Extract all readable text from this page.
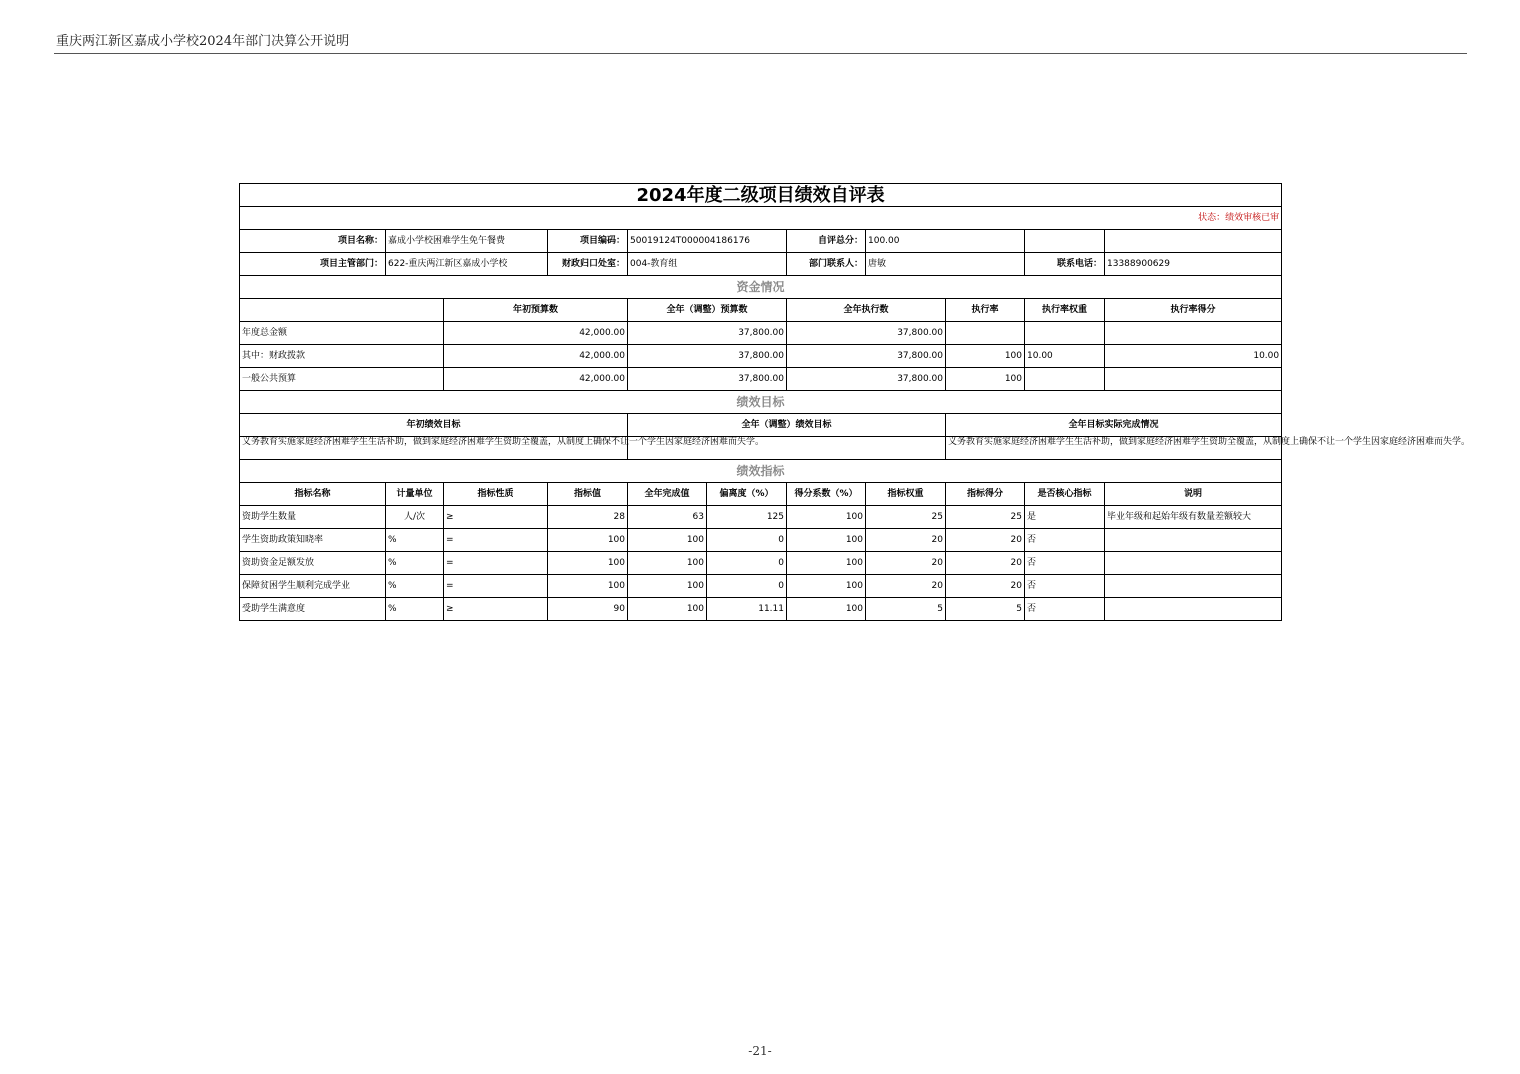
重庆两江新区嘉成小学校2024年部门决算公开说明
2024年度二级项目绩效自评表										
状态：绩效审核已审										
项目名称：	嘉成小学校困难学生免午餐费		项目编码：	50019124T000004186176		自评总分：	100.00			
项目主管部门：	622-重庆两江新区嘉成小学校		财政归口处室：	004-教育组		部门联系人：	唐敏		联系电话：	13388900629
资金情况										
		年初预算数		全年（调整）预算数		全年执行数		执行率	执行率权重	执行率得分
年度总金额		42,000.00		37,800.00		37,800.00				
其中：财政拨款		42,000.00		37,800.00		37,800.00		100	10.00	10.00
一般公共预算		42,000.00		37,800.00		37,800.00		100		
绩效目标										
年初绩效目标				全年（调整）绩效目标				全年目标实际完成情况		
义务教育实施家庭经济困难学生生活补助，做到家庭经济困难学生资助全覆盖，从制度上确保不让一个学生因家庭经济困难而失学。								义务教育实施家庭经济困难学生生活补助，做到家庭经济困难学生资助全覆盖，从制度上确保不让一个学生因家庭经济困难而失学。		
绩效指标										
指标名称	计量单位	指标性质	指标值	全年完成值	偏离度（%）	得分系数（%）	指标权重	指标得分	是否核心指标	说明
资助学生数量	人/次	≥	28	63	125	100	25	25	是	毕业年级和起始年级有数量差额较大
学生资助政策知晓率	%	=	100	100	0	100	20	20	否	
资助资金足额发放	%	=	100	100	0	100	20	20	否	
保障贫困学生顺利完成学业	%	=	100	100	0	100	20	20	否	
受助学生满意度	%	≥	90	100	11.11	100	5	5	否	
-21-
